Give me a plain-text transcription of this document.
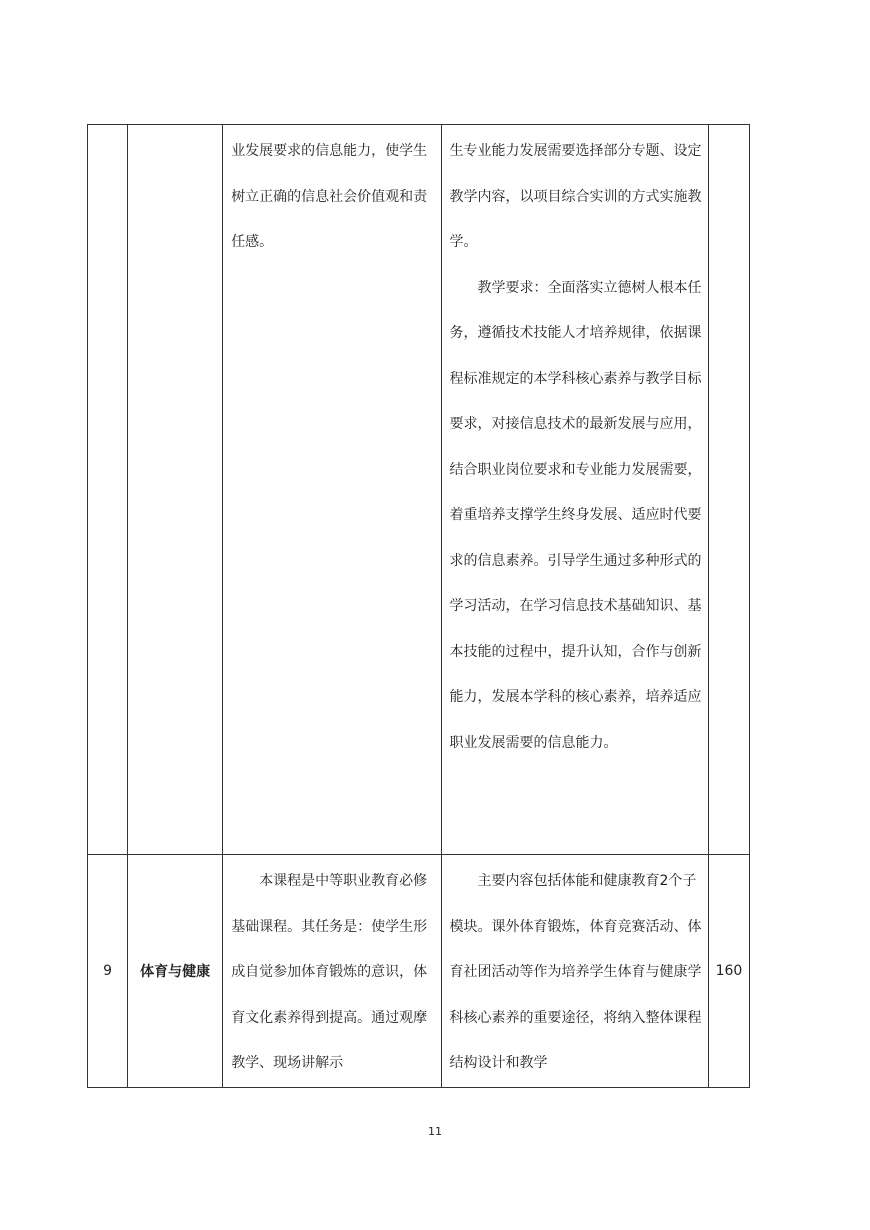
		业发展要求的信息能力，使学生树立正确的信息社会价值观和责任感。	生专业能力发展需要选择部分专题、设定教学内容，以项目综合实训的方式实施教学。

教学要求：全面落实立德树人根本任务，遵循技术技能人才培养规律，依据课程标准规定的本学科核心素养与教学目标要求，对接信息技术的最新发展与应用，结合职业岗位要求和专业能力发展需要，着重培养支撑学生终身发展、适应时代要求的信息素养。引导学生通过多种形式的学习活动，在学习信息技术基础知识、基本技能的过程中，提升认知，合作与创新能力，发展本学科的核心素养，培养适应职业发展需要的信息能力。	

9	体育与健康	本课程是中等职业教育必修基础课程。其任务是：使学生形成自觉参加体育锻炼的意识，体育文化素养得到提高。通过观摩教学、现场讲解示	主要内容包括体能和健康教育2个子模块。课外体育锻炼，体育竞赛活动、体育社团活动等作为培养学生体育与健康学科核心素养的重要途径，将纳入整体课程结构设计和教学	160
11
